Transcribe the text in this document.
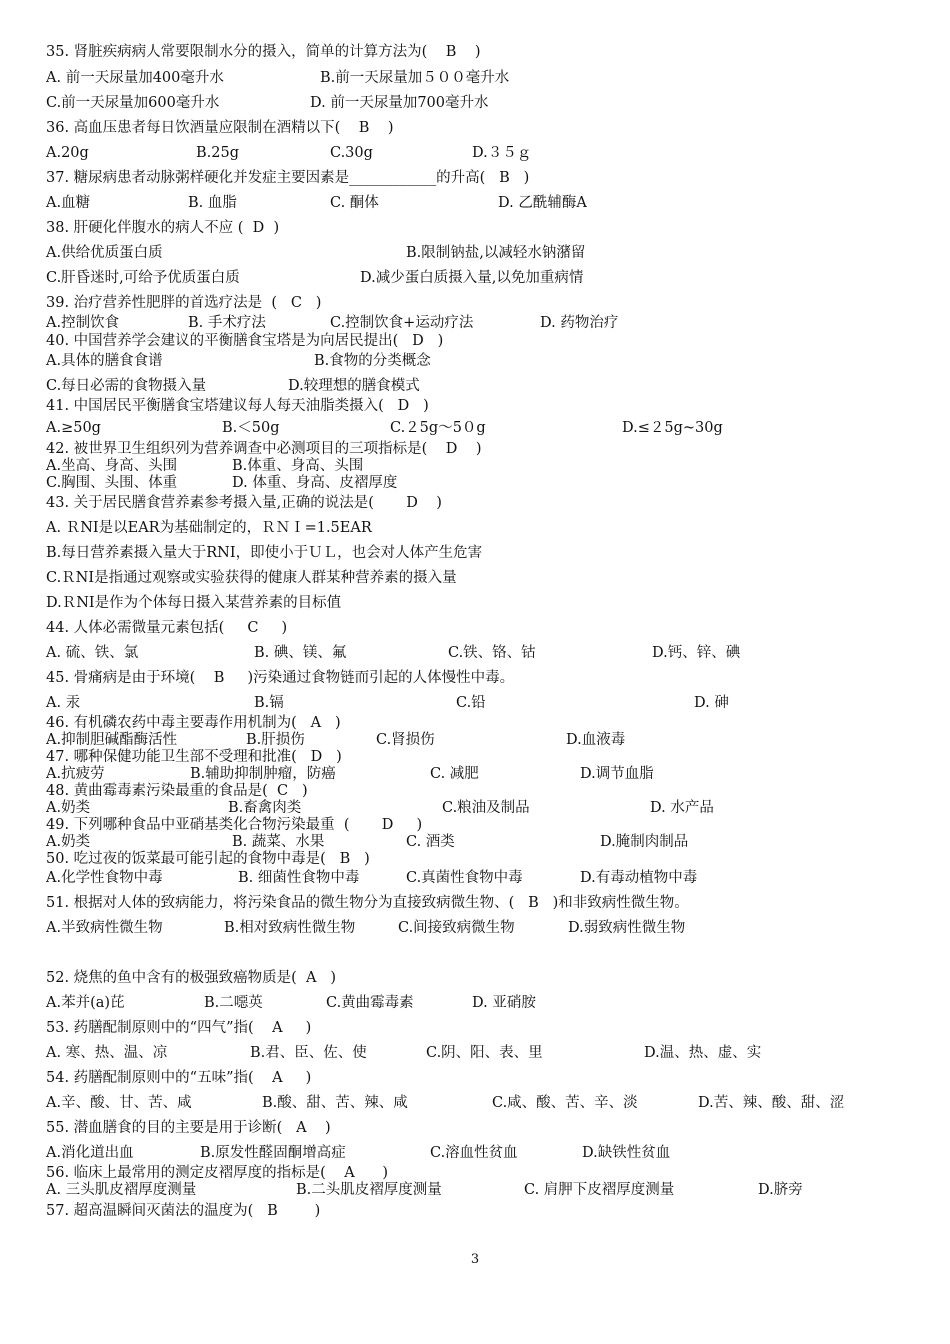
35. 肾脏疾病病人常要限制水分的摄入，简单的计算方法为(    B    )
A. 前一天尿量加400毫升水	B.前一天尿量加５００毫升水
C.前一天尿量加600毫升水	D. 前一天尿量加700毫升水
36. 高血压患者每日饮酒量应限制在酒精以下(    B    )
A.20g	B.25g	C.30g	D.３５ｇ
37. 糖尿病患者动脉粥样硬化并发症主要因素是____________的升高(   B   )
A.血糖	B. 血脂	C. 酮体	D. 乙酰辅酶A
38. 肝硬化伴腹水的病人不应 (  D  )
A.供给优质蛋白质	B.限制钠盐,以减轻水钠潴留
C.肝昏迷时,可给予优质蛋白质	D.减少蛋白质摄入量,以免加重病情
39. 治疗营养性肥胖的首选疗法是  (   C   )
A.控制饮食	B. 手术疗法	C.控制饮食+运动疗法	D. 药物治疗
40. 中国营养学会建议的平衡膳食宝塔是为向居民提出(   D   )
A.具体的膳食食谱	B.食物的分类概念
C.每日必需的食物摄入量	D.较理想的膳食模式
41. 中国居民平衡膳食宝塔建议每人每天油脂类摄入(   D   )
A.≥50g	B.＜50g	C.２5g～5０g	D.≤２5g~30g
42. 被世界卫生组织列为营养调查中必测项目的三项指标是(    D    )
A.坐高、身高、头围	B.体重、身高、头围
C.胸围、头围、体重	D. 体重、身高、皮褶厚度
43. 关于居民膳食营养素参考摄入量,正确的说法是(       D    )
A. ＲNI是以EAR为基础制定的，ＲＮＩ=1.5EAR
B.每日营养素摄入量大于RNI，即使小于ＵＬ，也会对人体产生危害
C.ＲNI是指通过观察或实验获得的健康人群某种营养素的摄入量
D.ＲNI是作为个体每日摄入某营养素的目标值
44. 人体必需微量元素包括(     C     )
A. 硫、铁、氯	B. 碘、镁、氟	C.铁、铬、钴	D.钙、锌、碘
45. 骨痛病是由于环境(    B     )污染通过食物链而引起的人体慢性中毒。
A. 汞	B.镉	C.铅	D. 砷
46. 有机磷农药中毒主要毒作用机制为(   A   )
A.抑制胆碱酯酶活性	B.肝损伤	C.肾损伤	D.血液毒
47. 哪种保健功能卫生部不受理和批准(   D   )
A.抗疲劳	B.辅助抑制肿瘤，防癌	C. 减肥	D.调节血脂
48. 黄曲霉毒素污染最重的食品是(  C   )
A.奶类	B.畜禽肉类	C.粮油及制品	D. 水产品
49. 下列哪种食品中亚硝基类化合物污染最重  (       D     )
A.奶类	B. 蔬菜、水果	C. 酒类	D.腌制肉制品
50. 吃过夜的饭菜最可能引起的食物中毒是(   B   )
A.化学性食物中毒	B. 细菌性食物中毒	C.真菌性食物中毒	D.有毒动植物中毒
51. 根据对人体的致病能力，将污染食品的微生物分为直接致病微生物、(   B   )和非致病性微生物。
A.半致病性微生物	B.相对致病性微生物	C.间接致病微生物	D.弱致病性微生物
52. 烧焦的鱼中含有的极强致癌物质是(  A   )
A.苯并(a)芘	B.二噁英	C.黄曲霉毒素	D. 亚硝胺
53. 药膳配制原则中的“四气”指(    A     )
A. 寒、热、温、凉	B.君、臣、佐、使	C.阴、阳、表、里	D.温、热、虚、实
54. 药膳配制原则中的“五味”指(    A     )
A.辛、酸、甘、苦、咸	B.酸、甜、苦、辣、咸	C.咸、酸、苦、辛、淡	D.苦、辣、酸、甜、涩
55. 潜血膳食的目的主要是用于诊断(   A    )
A.消化道出血	B.原发性醛固酮增高症	C.溶血性贫血	D.缺铁性贫血
56. 临床上最常用的测定皮褶厚度的指标是(    A      )
A. 三头肌皮褶厚度测量	B.二头肌皮褶厚度测量	C. 肩胛下皮褶厚度测量	D.脐旁
57. 超高温瞬间灭菌法的温度为(   B        )
3
